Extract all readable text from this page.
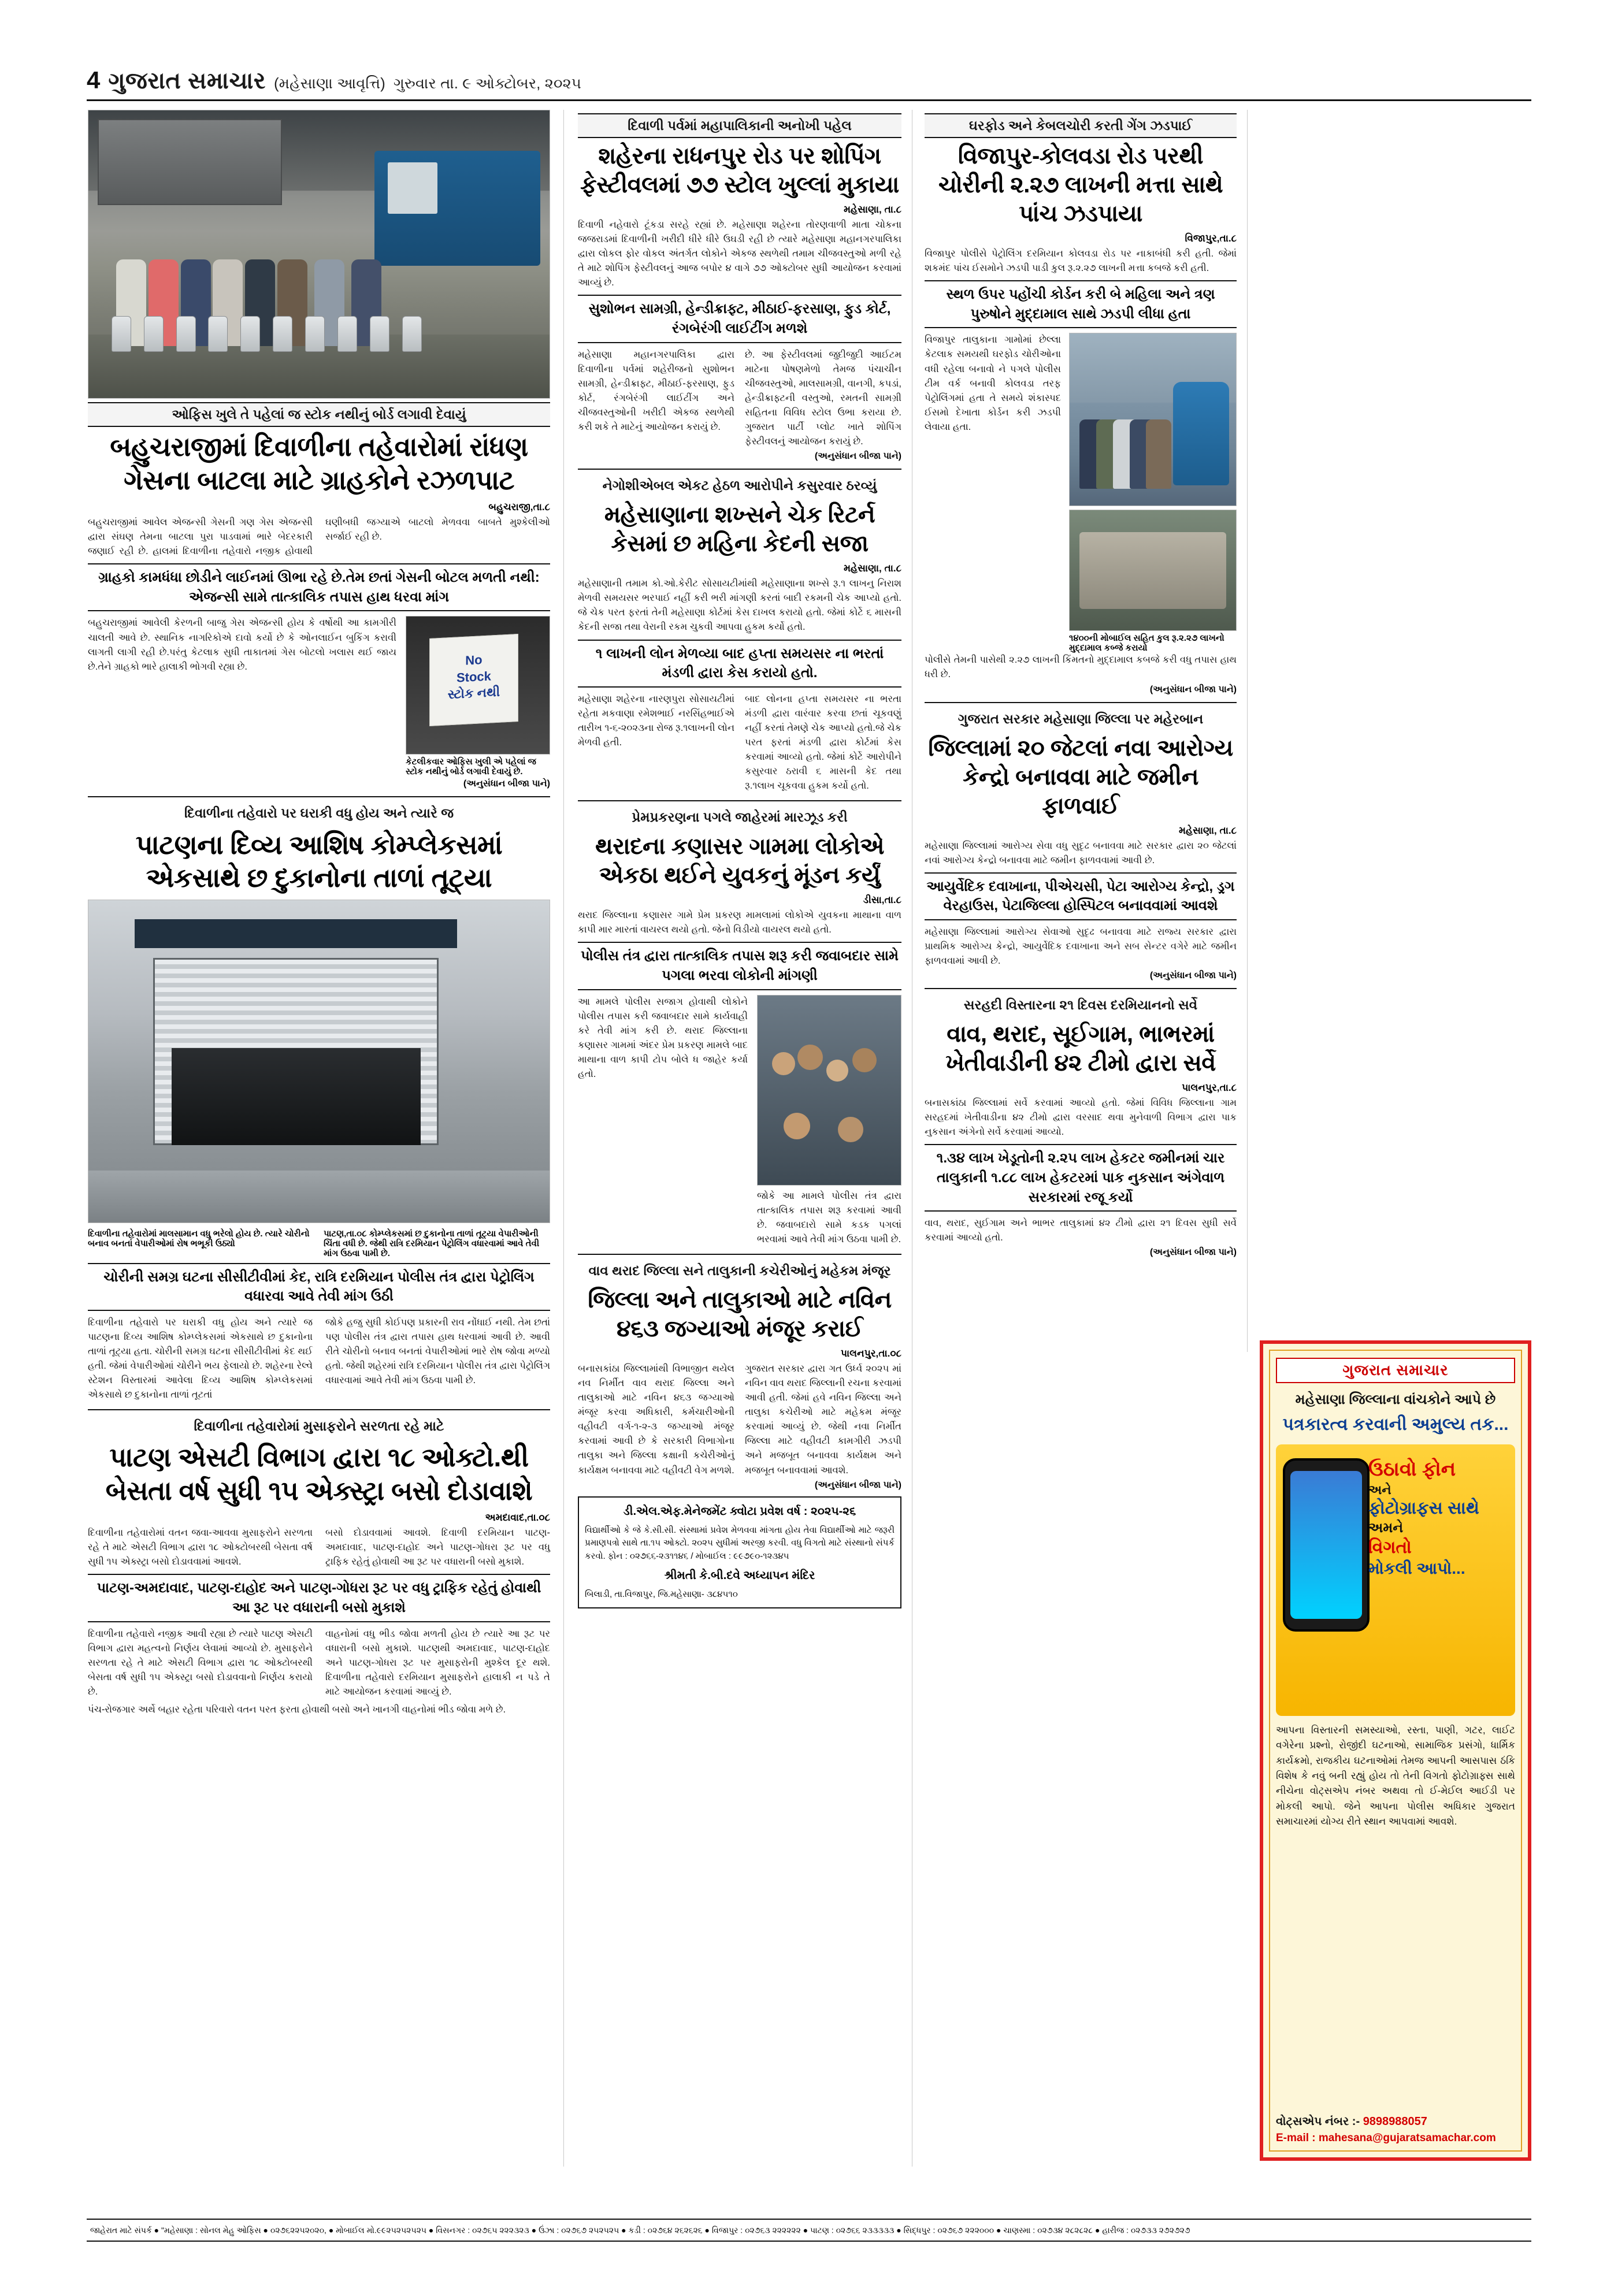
4 ગુજરાત સમાચાર (મહેસાણા આવૃત્તિ) ગુરુવાર તા. ૯ ઓક્ટોબર, ૨૦૨૫
ઓફિસ ખુલે તે પહેલાં જ સ્ટોક નથીનું બોર્ડ લગાવી દેવાયું
બહુચરાજીમાં દિવાળીના તહેવારોમાં રાંધણ ગેસના બાટલા માટે ગ્રાહકોને રઝળપાટ
બહુચરાજી,તા.૮

બહુચરાજીમાં આવેલ એજન્સી ગેસની ગણ ગેસ એજન્સી દ્વારા સંઘણ તેમના બાટલા પુરા પાડવામાં ભારે બેદરકારી જણાઈ રહી છે. હાલમાં દિવાળીના તહેવારો નજીક હોવાથી ઘણીબધી જગ્યાએ બાટલો મેળવવા બાબતે મુશ્કેલીઓ સર્જાઈ રહી છે.

ગ્રાહકો કામધંધા છોડીને લાઈનમાં ઊભા રહે છે.તેમ છતાં ગેસની બોટલ મળતી નથી: એજન્સી સામે તાત્કાલિક તપાસ હાથ ધરવા માંગ
બહુચરાજીમાં આવેલી કેરળની બાજુ ગેસ એજન્સી હોય કે વર્ષોથી આ કામગીરી ચાલતી આવે છે. સ્થાનિક નાગરિકોએ દાવો કર્યો છે કે ઓનલાઈન બુકિંગ કરાવી લાગતી લાગી રહી છે.પરંતુ કેટલાક સુધી તાકાતમાં ગેસ બોટલો ખલાસ થઈ જાય છે.તેને ગ્રાહકો ભારે હાલાકી ભોગવી રહ્યા છે.	No
Stock
સ્ટોક નથી
કેટલીકવાર ઓફિસ ખુલી એ પહેલાં જ સ્ટોક નથીનું બોર્ડ લગાવી દેવાયું છે.
(અનુસંધાન બીજા પાને)
દિવાળીના તહેવારો પર ઘરાકી વધુ હોય અને ત્યારે જ
પાટણના દિવ્ય આશિષ કોમ્પ્લેકસમાં એકસાથે છ દુકાનોના તાળાં તૂટ્યા
દિવાળીના તહેવારોમાં માલસામાન વધુ ભરેલો હોય છે. ત્યારે ચોરીનો બનાવ બનતાં વેપારીઓમાં રોષ ભભૂકી ઉઠ્યો
પાટણ,તા.૦૮ કોમ્પ્લેકસમાં છ દુકાનોના તાળાં તૂટ્યા વેપારીઓની ચિંતા વધી છે. જેથી રાત્રિ દરમિયાન પેટ્રોલિંગ વધારવામાં આવે તેવી માંગ ઉઠવા પામી છે.
ચોરીની સમગ્ર ઘટના સીસીટીવીમાં કેદ, રાત્રિ દરમિયાન પોલીસ તંત્ર દ્વારા પેટ્રોલિંગ વધારવા આવે તેવી માંગ ઉઠી
દિવાળીના તહેવારો પર ઘરાકી વધુ હોય અને ત્યારે જ પાટણના દિવ્ય આશિષ કોમ્પ્લેકસમાં એકસાથે છ દુકાનોના તાળાં તૂટ્યા હતા. ચોરીની સમગ્ર ઘટના સીસીટીવીમાં કેદ થઈ હતી. જેમાં વેપારીઓમાં ચોરીને ભય ફેલાયો છે. શહેરના રેલ્વે સ્ટેશન વિસ્તારમાં આવેલા દિવ્ય આશિષ કોમ્પ્લેકસમાં એકસાથે છ દુકાનોના તાળાં તૂટતાં
જોકે હજુ સુધી કોઈપણ પ્રકારની રાવ નોંધાઈ નથી. તેમ છતાં પણ પોલીસ તંત્ર દ્વારા તપાસ હાથ ધરવામાં આવી છે. આવી રીતે ચોરીનો બનાવ બનતાં વેપારીઓમાં ભારે રોષ જોવા મળ્યો હતો. જેથી શહેરમાં રાત્રિ દરમિયાન પોલીસ તંત્ર દ્વારા પેટ્રોલિંગ વધારવામાં આવે તેવી માંગ ઉઠવા પામી છે.
દિવાળીના તહેવારોમાં મુસાફરોને સરળતા રહે માટે
પાટણ એસટી વિભાગ દ્વારા ૧૮ ઓક્ટો.થી બેસતા વર્ષ સુધી ૧૫ એક્સ્ટ્રા બસો દોડાવાશે
અમદાવાદ,તા.૦૮
દિવાળીના તહેવારોમાં વતન જવા-આવવા મુસાફરોને સરળતા રહે તે માટે એસટી વિભાગ દ્વારા ૧૮ ઓક્ટોબરથી બેસતા વર્ષ સુધી ૧૫ એક્સ્ટ્રા બસો દોડાવવામાં આવશે.
બસો દોડાવવામાં આવશે. દિવાળી દરમિયાન પાટણ-અમદાવાદ, પાટણ-દાહોદ અને પાટણ-ગોધરા રૂટ પર વધુ ટ્રાફિક રહેતું હોવાથી આ રૂટ પર વધારાની બસો મુકાશે.
પાટણ-અમદાવાદ, પાટણ-દાહોદ અને પાટણ-ગોધરા રૂટ પર વધુ ટ્રાફિક રહેતું હોવાથી આ રૂટ પર વધારાની બસો મુકાશે
દિવાળીના તહેવારો નજીક આવી રહ્યા છે ત્યારે પાટણ એસટી વિભાગ દ્વારા મહત્વનો નિર્ણય લેવામાં આવ્યો છે. મુસાફરોને સરળતા રહે તે માટે એસટી વિભાગ દ્વારા ૧૮ ઓક્ટોબરથી બેસતા વર્ષ સુધી ૧૫ એક્સ્ટ્રા બસો દોડાવવાનો નિર્ણય કરાયો છે.
વાહનોમાં વધુ ભીડ જોવા મળતી હોય છે ત્યારે આ રૂટ પર વધારાની બસો મુકાશે. પાટણથી અમદાવાદ, પાટણ-દાહોદ અને પાટણ-ગોધરા રૂટ પર મુસાફરોની મુશ્કેલ દૂર થશે. દિવાળીના તહેવારો દરમિયાન મુસાફરોને હાલાકી ન પડે તે માટે આયોજન કરવામાં આવ્યું છે.
પંચ-રોજગાર અર્થે બહાર રહેતા પરિવારો વતન પરત ફરતા હોવાથી બસો અને ખાનગી વાહનોમાં ભીડ જોવા મળે છે.
દિવાળી પર્વમાં મહાપાલિકાની અનોખી પહેલ
શહેરના રાધનપુર રોડ પર શોપિંગ ફેસ્ટીવલમાં ૭૭ સ્ટોલ ખુલ્લાં મુકાયા
મહેસાણા, તા.૮
દિવાળી નહેવારો ટૂંકડા સરહે રહ્યાં છે. મહેસાણા શહેરના તોરણવાળી માતા ચોકના જજરાડમાં દિવાળીની ખરીદી ધીરે ધીરે ઉઘડી રહી છે ત્યારે મહેસાણા મહાનગરપાલિકા દ્વારા લોકલ ફોર વોકલ અંતર્ગત લોકોને એકજ સ્થળેથી તમામ ચીજવસ્તુઓ મળી રહે તે માટે શોપિંગ ફેસ્ટીવલનું આજ બપોર ૪ વાગે ૭૭ ઓક્ટોબર સુધી આયોજન કરવામાં આવ્યું છે.
સુશોભન સામગ્રી, હેન્ડીક્રાફ્ટ, મીઠાઈ-ફરસાણ, ફુડ કોર્ટ, રંગબેરંગી લાઈટીંગ મળશે
મહેસાણા મહાનગરપાલિકા દ્વારા દિવાળીના પર્વમાં શહેરીજનો સુશોભન સામગ્રી, હેન્ડીક્રાફ્ટ, મીઠાઈ-ફરસાણ, ફુડ કોર્ટ, રંગબેરંગી લાઈટીંગ અને ચીજવસ્તુઓની ખરીદી એકજ સ્થળેથી કરી શકે તે માટેનું આયોજન કરાયું છે.
છે. આ ફેસ્ટીવલમાં જુદીજુદી આઈટમ માટેના પોષણમેળો તેમજ પંચાચીન ચીજવસ્તુઓ, માલસામગ્રી, વાનગી, કપડાં, હેન્ડીક્રાફ્ટની વસ્તુઓ, રમતની સામગ્રી સહિતના વિવિધ સ્ટોલ ઉભા કરાયા છે. ગુજરાત પાર્ટી પ્લોટ ખાતે શોપિંગ ફેસ્ટીવલનું આયોજન કરાયું છે.
(અનુસંધાન બીજા પાને)
નેગોશીએબલ એકટ હેઠળ આરોપીને કસુરવાર ઠરવ્યું
મહેસાણાના શખ્સને ચેક રિટર્ન કેસમાં છ મહિના કેદની સજા
મહેસાણા, તા.૮
મહેસાણાની તમામ કો.ઓ.કેરીટ સોસાયટીમાંથી મહેસાણાના શખ્સે રૂ.૧ લાખનુ નિરાશ મેળવી સમયસર ભરપાઈ નહીં કરી ભરી માંગણી કરતાં બાદી રકમની ચેક આપ્યો હતો. જે ચેક પરત ફરતાં તેની મહેસાણા કોર્ટમાં કેસ દાખલ કરાયો હતો. જેમાં કોર્ટે ૬ માસની કેદની સજા તથા વેરાની રકમ ચુકવી આપવા હુકમ કર્યો હતો.
૧ લાખની લોન મેળવ્યા બાદ હપ્તા સમયસર ના ભરતાં મંડળી દ્વારા કેસ કરાયો હતો.
મહેસાણા શહેરના નારણપુરા સોસાયટીમાં રહેતા મકવાણા રમેશભાઈ નરસિંહભાઈએ તારીખ ૧-૬-૨૦૨૩ના રોજ રૂ.૧લાખની લોન મેળવી હતી.
બાદ લોનના હપ્તા સમયસર ના ભરતા મંડળી દ્વારા વારંવાર કરવા છતાં ચૂકવણું નહીં કરતાં તેમણે ચેક આપ્યો હતો.જે ચેક પરત ફરતાં મંડળી દ્વારા કોર્ટમાં કેસ કરવામાં આવ્યો હતો. જેમાં કોર્ટે આરોપીને કસુરવાર ઠરાવી ૬ માસની કેદ તથા રૂ.૧લાખ ચૂકવવા હુકમ કર્યો હતો.
પ્રેમપ્રકરણના પગલે જાહેરમાં મારઝૂડ કરી
થરાદના કણાસર ગામમા લોકોએ એકઠા થઈને યુવકનું મૂંડન કર્યું
ડીસા,તા.૮
થરાદ જિલ્લાના કણાસર ગામે પ્રેમ પ્રકરણ મામલામાં લોકોએ યુવકના માથાના વાળ કાપી માર મારતાં વાયરલ થયો હતો. જેનો વિડીયો વાયરલ થયો હતો.
પોલીસ તંત્ર દ્વારા તાત્કાલિક તપાસ શરૂ કરી જવાબદાર સામે પગલા ભરવા લોકોની માંગણી
આ મામલે પોલીસ સજાગ હોવાથી લોકોને પોલીસ તપાસ કરી જવાબદાર સામે કાર્યવાહી કરે તેવી માંગ કરી છે. થરાદ જિલ્લાના કણાસર ગામમાં અંદર પ્રેમ પ્રકરણ મામલે બાદ માથાના વાળ કાપી ટોપ બોલે ધ જાહેર કર્યા હતો.
જોકે આ મામલે પોલીસ તંત્ર દ્વારા તાત્કાલિક તપાસ શરૂ કરવામાં આવી છે. જવાબદારો સામે કડક પગલાં ભરવામાં આવે તેવી માંગ ઉઠવા પામી છે.
વાવ થરાદ જિલ્લા સને તાલુકાની કચેરીઓનું મહેકમ મંજૂર
જિલ્લા અને તાલુકાઓ માટે નવિન ૪૬૩ જગ્યાઓ મંજૂર કરાઈ
પાલનપુર,તા.૦૮
બનાસકાંઠા જિલ્લામાંથી વિભાજીત થયેલ નવ નિર્મીત વાવ થરાદ જિલ્લા અને તાલુકાઓ માટે નવિન ૪૬૩ જગ્યાઓ મંજૂર કરવા અધિકારી, કર્મચારીઓની વહીવટી વર્ગ-૧-૨-૩ જગ્યાઓ મંજૂર કરવામાં આવી છે કે સરકારી વિભાગોના તાલુકા અને જિલ્લા કક્ષાની કચેરીઓનું કાર્યક્ષમ બનાવવા માટે વહીવટી વેગ મળશે.
ગુજરાત સરકાર દ્વારા ગત ઉર્ધ્વ ૨૦૨૫ માં નવિન વાવ થરાદ જિલ્લાની રચના કરવામાં આવી હતી. જેમાં હવે નવિન જિલ્લા અને તાલુકા કચેરીઓ માટે મહેકમ મંજૂર કરવામાં આવ્યું છે. જેથી નવા નિર્મીત જિલ્લા માટે વહીવટી કામગીરી ઝડપી અને મજબૂત બનાવવા કાર્યક્ષમ અને મજબૂત બનાવવામાં આવશે.
(અનુસંધાન બીજા પાને)
ડી.એલ.એફ.મેનેજમેંટ ક્વોટા પ્રવેશ વર્ષ : ૨૦૨૫-૨૬
વિદ્યાર્થીઓ કે જે કે.સી.સી. સંસ્થામાં પ્રવેશ મેળવવા માંગતા હોય તેવા વિદ્યાર્થીઓ માટે જરૂરી પ્રમાણપત્રો સાથે તા.૧૫ ઓક્ટો. ૨૦૨૫ સુધીમાં અરજી કરવી. વધુ વિગતો માટે સંસ્થાનો સંપર્ક કરવો. ફોન : ૦૨૭૬૬-૨૩૧૧૪૬ / મોબાઈલ : ૯૯૭૯૦-૧૨૩૪૫
શ્રીમતી કે.બી.દવે અધ્યાપન મંદિર
બિલાડી, તા.વિજાપુર, જિ.મહેસાણા- ૩૮૪૫૧૦
ઘરફોડ અને કેબલચોરી કરતી ગેંગ ઝડપાઈ
વિજાપુર-કોલવડા રોડ પરથી ચોરીની ૨.૨૭ લાખની મત્તા સાથે પાંચ ઝડપાયા
વિજાપુર,તા.૮
વિજાપુર પોલીસે પેટ્રોલિંગ દરમિયાન કોલવડા રોડ પર નાકાબંધી કરી હતી. જેમાં શકમંદ પાંચ ઈસમોને ઝડપી પાડી કુલ રૂ.૨.૨૭ લાખની મત્તા કબજે કરી હતી.
સ્થળ ઉપર પહોંચી કોર્ડન કરી બે મહિલા અને ત્રણ પુરુષોને મુદ્દામાલ સાથે ઝડપી લીધા હતા
વિજાપુર તાલુકાના ગામોમાં છેલ્લા કેટલાક સમયથી ઘરફોડ ચોરીઓના વધી રહેલા બનાવો ને પગલે પોલીસ ટીમ વર્ક બનાવી કોલવડા તરફ પેટ્રોલિંગમાં હતા તે સમયે શંકાસ્પદ ઈસમો દેખાતા કોર્ડન કરી ઝડપી લેવાયા હતા.
૧૪૦૦ની મોબાઈલ સહિત કુલ રૂ.૨.૨૭ લાખનો મુદ્દામાલ કબ્જે કરાયો
પોલીસે તેમની પાસેથી ૨.૨૭ લાખની કિંમતનો મુદ્દામાલ કબજે કરી વધુ તપાસ હાથ ધરી છે.
(અનુસંધાન બીજા પાને)
ગુજરાત સરકાર મહેસાણા જિલ્લા પર મહેરબાન
જિલ્લામાં ૨૦ જેટલાં નવા આરોગ્ય કેન્દ્રો બનાવવા માટે જમીન ફાળવાઈ
મહેસાણા, તા.૮
મહેસાણા જિલ્લામાં આરોગ્ય સેવા વધુ સુદૃઢ બનાવવા માટે સરકાર દ્વારા ૨૦ જેટલાં નવાં આરોગ્ય કેન્દ્રો બનાવવા માટે જમીન ફાળવવામાં આવી છે.
આયુર્વેદિક દવાખાના, પીએચસી, પેટા આરોગ્ય કેન્દ્રો, ડ્રગ વેરહાઉસ, પેટાજિલ્લા હોસ્પિટલ બનાવવામાં આવશે
મહેસાણા જિલ્લામાં આરોગ્ય સેવાઓ સુદૃઢ બનાવવા માટે રાજ્ય સરકાર દ્વારા પ્રાથમિક આરોગ્ય કેન્દ્રો, આયુર્વેદિક દવાખાના અને સબ સેન્ટર વગેરે માટે જમીન ફાળવવામાં આવી છે.
(અનુસંધાન બીજા પાને)
સરહદી વિસ્તારના ૨૧ દિવસ દરમિયાનનો સર્વે
વાવ, થરાદ, સૂઈગામ, ભાભરમાં ખેતીવાડીની ૪૨ ટીમો દ્વારા સર્વે
પાલનપુર,તા.૮
બનાસકાંઠા જિલ્લામાં સર્વે કરવામાં આવ્યો હતો. જેમાં વિવિધ જિલ્લાના ગામ સરહદમાં ખેતીવાડીના ૪૨ ટીમો દ્વારા વરસાદ થવા મુનેવાળી વિભાગ દ્વારા પાક નુકસાન અંગેનો સર્વે કરવામાં આવ્યો.
૧.૩૪ લાખ ખેડૂતોની ૨.૨૫ લાખ હેકટર જમીનમાં ચાર તાલુકાની ૧.૮૮ લાખ હેકટરમાં પાક નુકસાન અંગેવાળ સરકારમાં રજૂ કર્યો
વાવ, થરાદ, સુઈગામ અને ભાભર તાલુકામાં ૪૨ ટીમો દ્વારા ૨૧ દિવસ સુધી સર્વે કરવામાં આવ્યો હતો.
(અનુસંધાન બીજા પાને)
ગુજરાત સમાચાર
મહેસાણા જિલ્લાના વાંચકોને આપે છે
પત્રકારત્વ કરવાની અમુલ્ય તક...
ઉઠાવો ફોન
અને
ફોટોગ્રાફસ સાથે
અમને
વિગતો
મોકલી આપો...
આપના વિસ્તારની સમસ્યાઓ, રસ્તા, પાણી, ગટર, લાઈટ વગેરેના પ્રશ્નો, રોજીંદી ઘટનાઓ, સામાજિક પ્રસંગો, ધાર્મિક કાર્યક્રમો, રાજકીય ઘટનાઓમાં તેમજ આપની આસપાસ ઠંકિ વિશેષ કે નવું બની રહ્યું હોય તો તેની વિગતો ફોટોગ્રાફ્સ સાથે નીચેના વોટ્સએપ નંબર અથવા તો ઈ-મેઈલ આઈડી પર મોકલી આપો. જેને આપના પોલીસ અધિકાર ગુજરાત સમાચારમાં યોગ્ય રીતે સ્થાન આપવામાં આવશે.
વોટ્સએપ નંબર :- 9898988057
E-mail : mahesana@gujaratsamachar.com
જાહેરાત માટે સંપર્ક ● "મહેસાણા : સોનલ મેહુ ઓફિસ ● ૦૨૭૬૨૨૫૨૦૨૦, ● મોબાઈલ મો.૯૯૨૫૨૫૨૫૨૫ ● વિસનગર : ૦૨૭૬૫ ૨૨૨૩૨૩ ● ઉંઝા : ૦૨૭૬૭ ૨૫૨૫૨૫ ● કડી : ૦૨૭૬૪ ૨૬૨૬૨૬ ● વિજાપુર : ૦૨૭૬૩ ૨૨૨૨૨૨ ● પાટણ : ૦૨૭૬૬ ૨૩૩૩૩૩ ● સિદ્ધપુર : ૦૨૭૬૭ ૨૨૨૦૦૦ ● ચાણસ્મા : ૦૨૭૩૪ ૨૮૨૮૨૮ ● હારીજ : ૦૨૭૩૩ ૨૭૨૭૨૭
